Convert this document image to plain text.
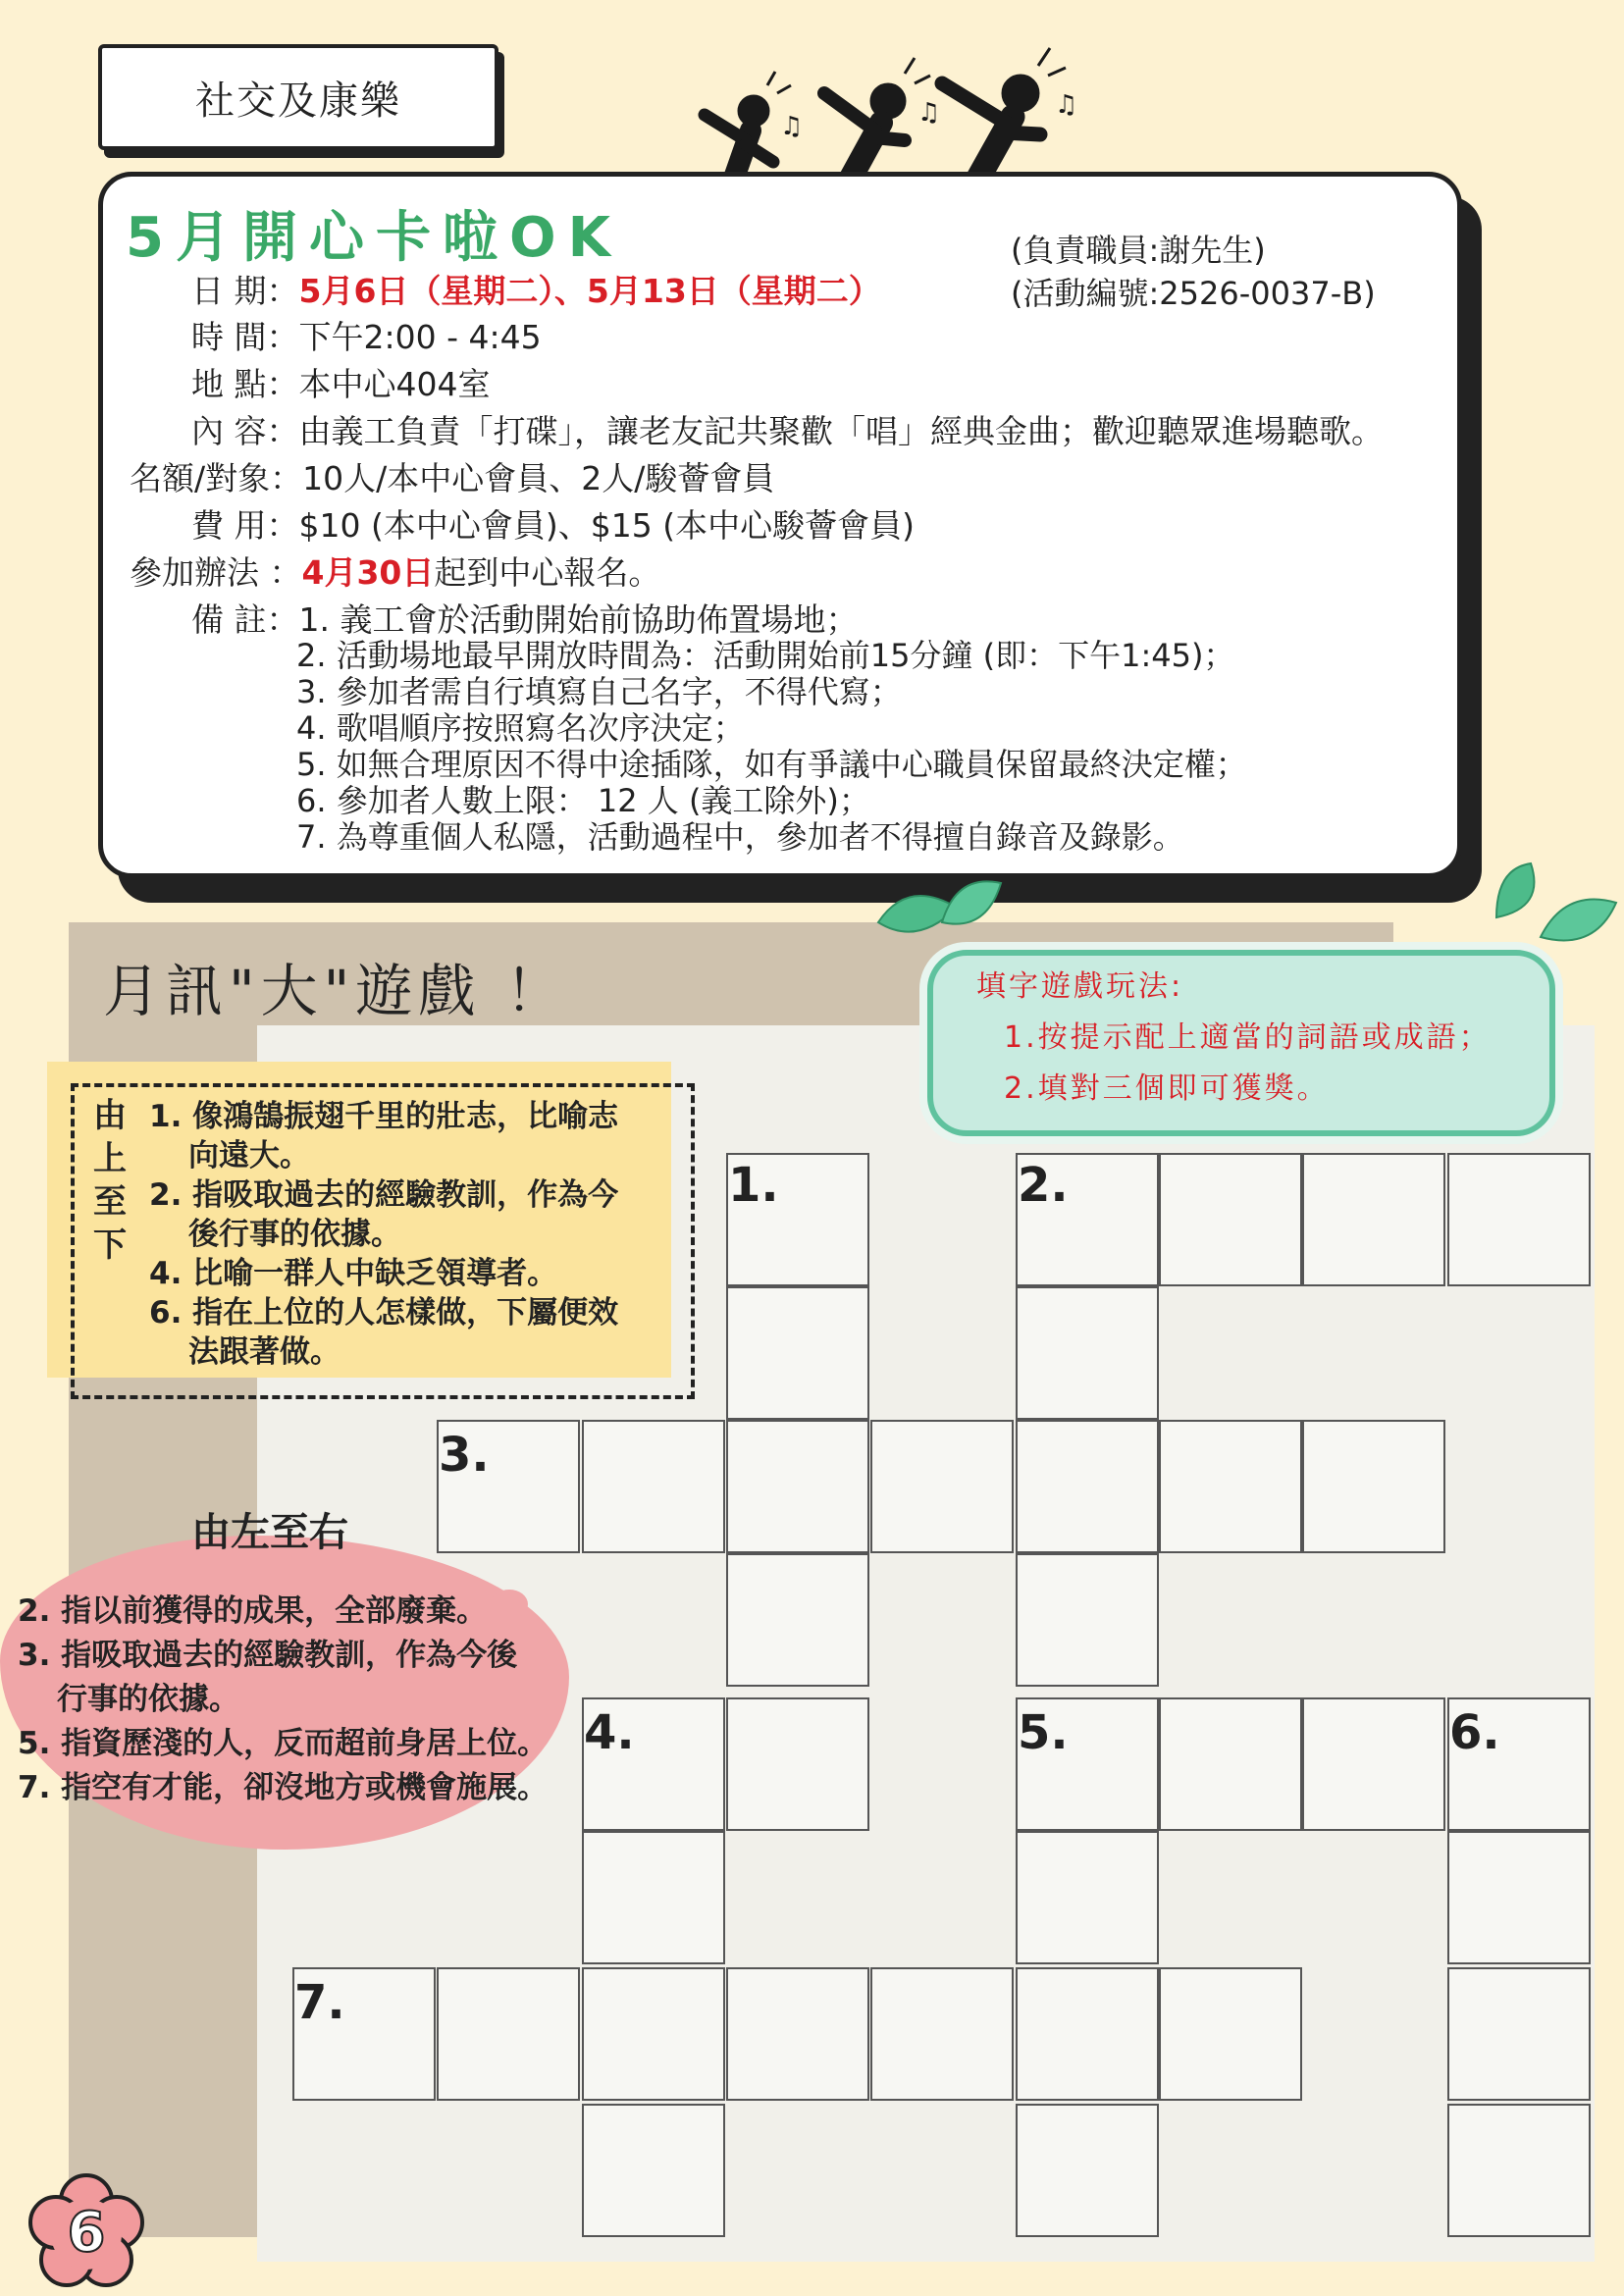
社交及康樂
♫	♫	♫
5月開心卡啦OK	(負責職員:謝先生)
(活動編號:2526-0037-B)
日 期：5月6日（星期二）、5月13日（星期二）
時 間：下午2:00 - 4:45
地 點：本中心404室
內 容：由義工負責「打碟」，讓老友記共聚歡「唱」經典金曲；歡迎聽眾進場聽歌。
名額/對象：10人/本中心會員、2人/駿薈會員
費 用：$10 (本中心會員)、$15 (本中心駿薈會員)
參加辦法 ：4月30日起到中心報名。
備 註：1. 義工會於活動開始前協助佈置場地；
2. 活動場地最早開放時間為：活動開始前15分鐘 (即：下午1:45)；
3. 參加者需自行填寫自己名字，不得代寫；
4. 歌唱順序按照寫名次序決定；
5. 如無合理原因不得中途插隊，如有爭議中心職員保留最終決定權；
6. 參加者人數上限： 12 人 (義工除外)；
7. 為尊重個人私隱，活動過程中，參加者不得擅自錄音及錄影。
月訊"大"遊戲 ！
1.	2.
3.
4.	5.	6.
7.
由上至下
1. 像鴻鵠振翅千里的壯志，比喻志
向遠大。
2. 指吸取過去的經驗教訓，作為今
後行事的依據。
4. 比喻一群人中缺乏領導者。
6. 指在上位的人怎樣做，下屬便效
法跟著做。
由左至右
2. 指以前獲得的成果，全部廢棄。
3. 指吸取過去的經驗教訓，作為今後
行事的依據。
5. 指資歷淺的人，反而超前身居上位。
7. 指空有才能，卻沒地方或機會施展。
填字遊戲玩法:
1.按提示配上適當的詞語或成語；
2.填對三個即可獲獎。
6
